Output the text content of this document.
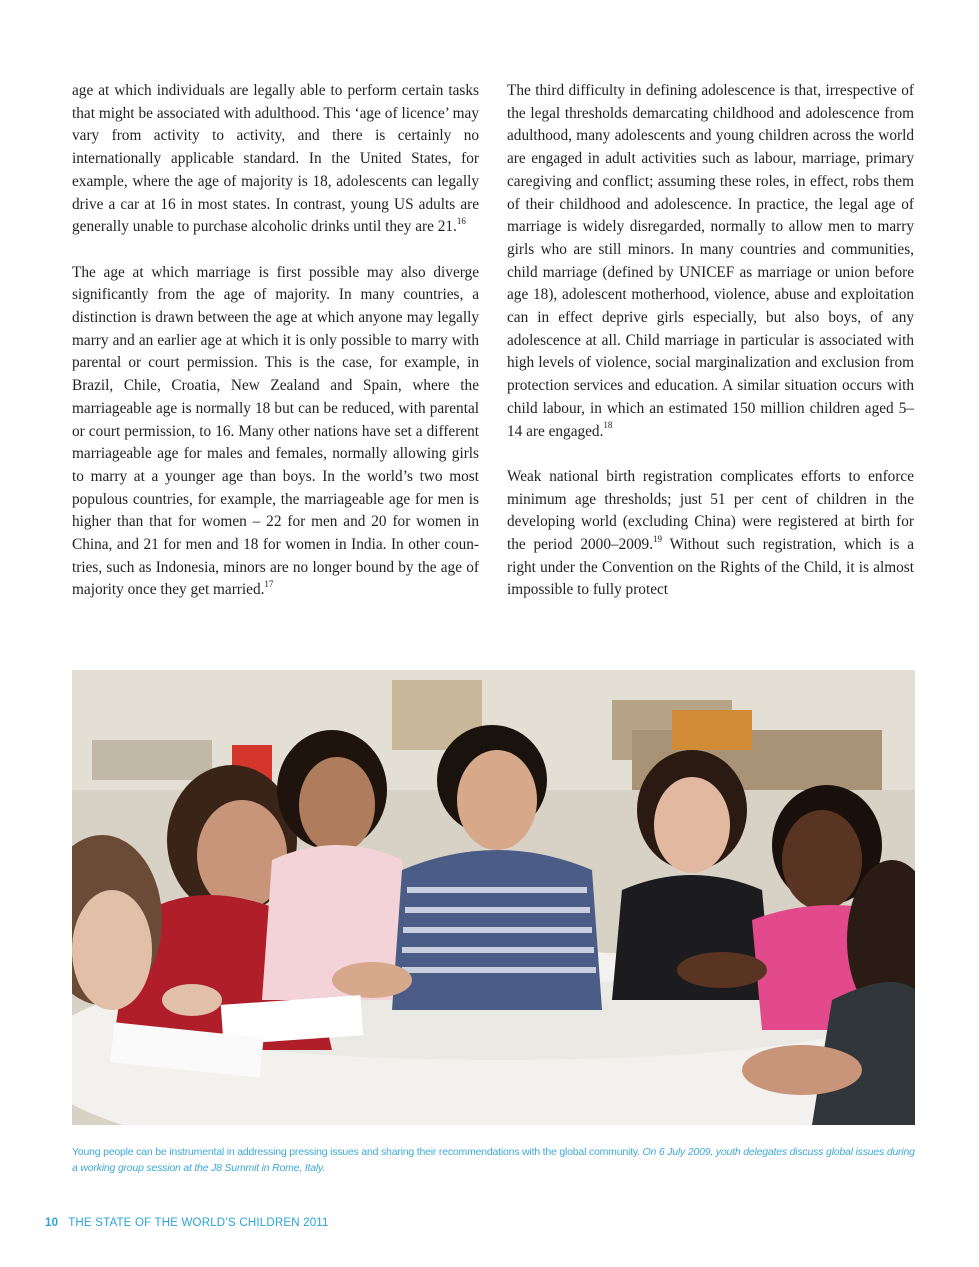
age at which individuals are legally able to perform certain tasks that might be associated with adulthood. This ‘age of licence’ may vary from activity to activity, and there is certainly no internationally applicable standard. In the United States, for example, where the age of majority is 18, adolescents can legally drive a car at 16 in most states. In contrast, young US adults are generally unable to purchase alcoholic drinks until they are 21.16

The age at which marriage is first possible may also diverge significantly from the age of majority. In many countries, a distinction is drawn between the age at which anyone may legally marry and an earlier age at which it is only possible to marry with parental or court permission. This is the case, for example, in Brazil, Chile, Croatia, New Zealand and Spain, where the marriageable age is normally 18 but can be reduced, with parental or court permission, to 16. Many other nations have set a different marriageable age for males and females, normally allowing girls to marry at a younger age than boys. In the world’s two most populous countries, for example, the marriageable age for men is higher than that for women – 22 for men and 20 for women in China, and 21 for men and 18 for women in India. In other countries, such as Indonesia, minors are no longer bound by the age of majority once they get married.$^{17}$

The third difficulty in defining adolescence is that, irrespective of the legal thresholds demarcating childhood and adolescence from adulthood, many adolescents and young children across the world are engaged in adult activities such as labour, marriage, primary caregiving and conflict; assuming these roles, in effect, robs them of their childhood and adolescence. In practice, the legal age of marriage is widely disregarded, normally to allow men to marry girls who are still minors. In many countries and communities, child marriage (defined by UNICEF as marriage or union before age 18), adolescent motherhood, violence, abuse and exploitation can in effect deprive girls especially, but also boys, of any adolescence at all. Child marriage in particular is associated with high levels of violence, social marginalization and exclusion from protection services and education. A similar situation occurs with child labour, in which an estimated 150 million children aged 5–14 are engaged.$^{18}$

Weak national birth registration complicates efforts to enforce minimum age thresholds; just 51 per cent of children in the developing world (excluding China) were registered at birth for the period 2000–2009.19 Without such registration, which is a right under the Convention on the Rights of the Child, it is almost impossible to fully protect

Young people can be instrumental in addressing pressing issues and sharing their recommendations with the global community. On 6 July 2009, youth delegates discuss global issues during a working group session at the J8 Summit in Rome, Italy.
10 THE STATE OF THE WORLD’S CHILDREN 2011
